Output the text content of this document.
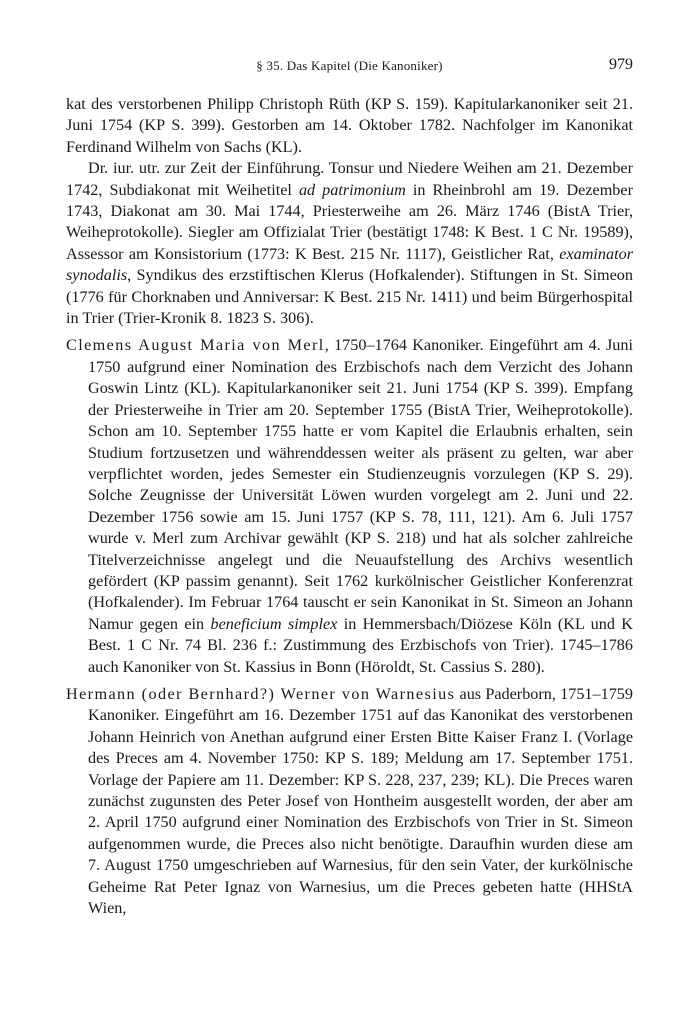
§ 35. Das Kapitel (Die Kanoniker)	979

kat des verstorbenen Philipp Christoph Rüth (KP S. 159). Kapitularkanoniker seit 21. Juni 1754 (KP S. 399). Gestorben am 14. Oktober 1782. Nachfolger im Kanonikat Ferdinand Wilhelm von Sachs (KL).

Dr. iur. utr. zur Zeit der Einführung. Tonsur und Niedere Weihen am 21. Dezember 1742, Subdiakonat mit Weihetitel ad patrimonium in Rheinbrohl am 19. Dezember 1743, Diakonat am 30. Mai 1744, Priesterweihe am 26. März 1746 (BistA Trier, Weiheprotokolle). Siegler am Offizialat Trier (bestätigt 1748: K Best. 1 C Nr. 19589), Assessor am Konsistorium (1773: K Best. 215 Nr. 1117), Geistlicher Rat, examinator synodalis, Syndikus des erzstiftischen Klerus (Hofkalender). Stiftungen in St. Simeon (1776 für Chorknaben und Anniversar: K Best. 215 Nr. 1411) und beim Bürgerhospital in Trier (Trier-Kronik 8. 1823 S. 306).

Clemens August Maria von Merl, 1750–1764 Kanoniker. Eingeführt am 4. Juni 1750 aufgrund einer Nomination des Erzbischofs nach dem Verzicht des Johann Goswin Lintz (KL). Kapitularkanoniker seit 21. Juni 1754 (KP S. 399). Empfang der Priesterweihe in Trier am 20. September 1755 (BistA Trier, Weiheprotokolle). Schon am 10. September 1755 hatte er vom Kapitel die Erlaubnis erhalten, sein Studium fortzusetzen und währenddessen weiter als präsent zu gelten, war aber verpflichtet worden, jedes Semester ein Studienzeugnis vorzulegen (KP S. 29). Solche Zeugnisse der Universität Löwen wurden vorgelegt am 2. Juni und 22. Dezember 1756 sowie am 15. Juni 1757 (KP S. 78, 111, 121). Am 6. Juli 1757 wurde v. Merl zum Archivar gewählt (KP S. 218) und hat als solcher zahlreiche Titelverzeichnisse angelegt und die Neuaufstellung des Archivs wesentlich gefördert (KP passim genannt). Seit 1762 kurkölnischer Geistlicher Konferenzrat (Hofkalender). Im Februar 1764 tauscht er sein Kanonikat in St. Simeon an Johann Namur gegen ein beneficium simplex in Hemmersbach/Diözese Köln (KL und K Best. 1 C Nr. 74 Bl. 236 f.: Zustimmung des Erzbischofs von Trier). 1745–1786 auch Kanoniker von St. Kassius in Bonn (Höroldt, St. Cassius S. 280).

Hermann (oder Bernhard?) Werner von Warnesius aus Paderborn, 1751–1759 Kanoniker. Eingeführt am 16. Dezember 1751 auf das Kanonikat des verstorbenen Johann Heinrich von Anethan aufgrund einer Ersten Bitte Kaiser Franz I. (Vorlage des Preces am 4. November 1750: KP S. 189; Meldung am 17. September 1751. Vorlage der Papiere am 11. Dezember: KP S. 228, 237, 239; KL). Die Preces waren zunächst zugunsten des Peter Josef von Hontheim ausgestellt worden, der aber am 2. April 1750 aufgrund einer Nomination des Erzbischofs von Trier in St. Simeon aufgenommen wurde, die Preces also nicht benötigte. Daraufhin wurden diese am 7. August 1750 umgeschrieben auf Warnesius, für den sein Vater, der kurkölnische Geheime Rat Peter Ignaz von Warnesius, um die Preces gebeten hatte (HHStA Wien,
